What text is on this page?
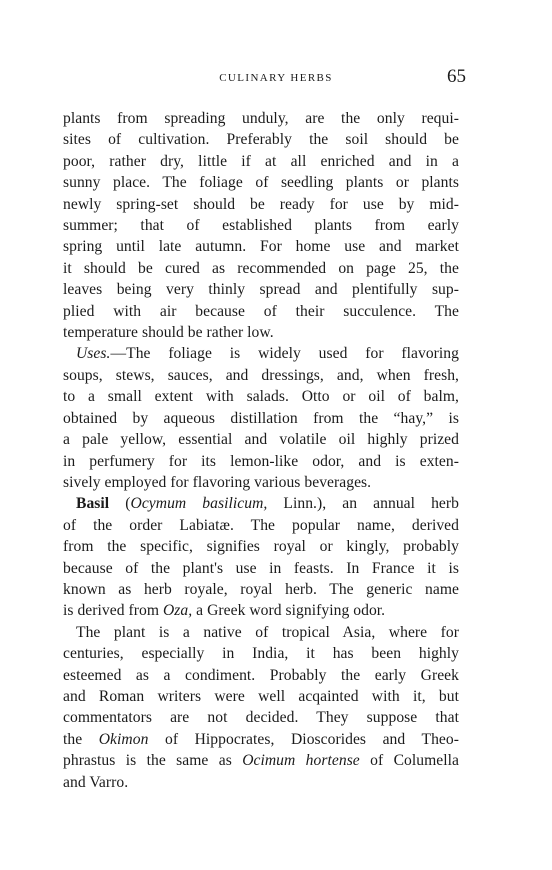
CULINARY HERBS	65
plants from spreading unduly, are the only requi-
sites of cultivation. Preferably the soil should be
poor, rather dry, little if at all enriched and in a
sunny place. The foliage of seedling plants or plants
newly spring-set should be ready for use by mid-
summer; that of established plants from early
spring until late autumn. For home use and market
it should be cured as recommended on page 25, the
leaves being very thinly spread and plentifully sup-
plied with air because of their succulence. The
temperature should be rather low.
Uses.—The foliage is widely used for flavoring
soups, stews, sauces, and dressings, and, when fresh,
to a small extent with salads. Otto or oil of balm,
obtained by aqueous distillation from the “hay,” is
a pale yellow, essential and volatile oil highly prized
in perfumery for its lemon-like odor, and is exten-
sively employed for flavoring various beverages.
Basil (Ocymum basilicum, Linn.), an annual herb
of the order Labiatæ. The popular name, derived
from the specific, signifies royal or kingly, probably
because of the plant's use in feasts. In France it is
known as herb royale, royal herb. The generic name
is derived from Oza, a Greek word signifying odor.
The plant is a native of tropical Asia, where for
centuries, especially in India, it has been highly
esteemed as a condiment. Probably the early Greek
and Roman writers were well acqainted with it, but
commentators are not decided. They suppose that
the Okimon of Hippocrates, Dioscorides and Theo-
phrastus is the same as Ocimum hortense of Columella
and Varro.
